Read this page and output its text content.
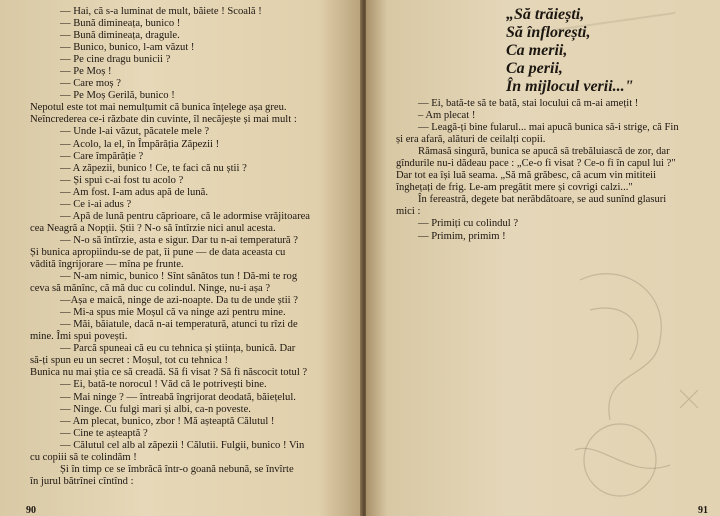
— Hai, că s-a luminat de mult, băiete ! Scoală !

— Bună dimineața, bunico !

— Bună dimineața, dragule.

— Bunico, bunico, l-am văzut !

— Pe cine dragu bunicii ?

— Pe Moș !

— Care moș ?

— Pe Moș Gerilă, bunico !

Nepotul este tot mai nemulțumit că bunica înțelege așa greu.

Neîncrederea ce-i răzbate din cuvinte, îl necăjește și mai mult :

— Unde l-ai văzut, păcatele mele ?

— Acolo, la el, în Împărăția Zăpezii !

— Care împărăție ?

— A zăpezii, bunico ! Ce, te faci că nu știi ?

— Și spui c-ai fost tu acolo ?

— Am fost. I-am adus apă de lună.

— Ce i-ai adus ?

— Apă de lună pentru căprioare, că le adormise vrăjitoarea

cea Neagră a Nopții. Știi ? N-o să întîrzie nici anul acesta.

— N-o să întîrzie, asta e sigur. Dar tu n-ai temperatură ?

Și bunica apropiindu-se de pat, îi pune — de data aceasta cu

vădită îngrijorare — mîna pe frunte.

— N-am nimic, bunico ! Sînt sănătos tun ! Dă-mi te rog

ceva să mănînc, că mă duc cu colindul. Ninge, nu-i așa ?

—Așa e maică, ninge de azi-noapte. Da tu de unde știi ?

— Mi-a spus mie Moșul că va ninge azi pentru mine.

— Măi, băiatule, dacă n-ai temperatură, atunci tu rîzi de

mine. Îmi spui povești.

— Parcă spuneai că eu cu tehnica și știința, bunică. Dar

să-ți spun eu un secret : Moșul, tot cu tehnica !

Bunica nu mai știa ce să creadă. Să fi visat ? Să fi născocit totul ?

— Ei, bată-te norocul ! Văd că le potrivești bine.

— Mai ninge ? — întreabă îngrijorat deodată, băiețelul.

— Ninge. Cu fulgi mari și albi, ca-n poveste.

— Am plecat, bunico, zbor ! Mă așteaptă Călutul !

— Cine te așteaptă ?

— Călutul cel alb al zăpezii ! Călutii. Fulgii, bunico ! Vin

cu copiii să te colindăm !

Și în timp ce se îmbrăcă într-o goană nebună, se învîrte

în jurul bătrînei cîntînd :

90

„Să trăiești,

Să înflorești,

Ca merii,

Ca perii,

În mijlocul verii..."

— Ei, bată-te să te bată, stai locului că m-ai amețit !

– Am plecat !

— Leagă-ți bine fularul... mai apucă bunica să-i strige, că Fin

și era afară, alături de ceilalți copii.

Rămasă singură, bunica se apucă să trebăluiască de zor, dar

gîndurile nu-i dădeau pace : „Ce-o fi visat ? Ce-o fi în capul lui ?"

Dar tot ea își luă seama. „Să mă grăbesc, că acum vin mititeii

înghețați de frig. Le-am pregătit mere și covrigi calzi..."

În fereastră, degete bat nerăbdătoare, se aud sunînd glasuri

mici :

— Primiți cu colindul ?

— Primim, primim !

91
